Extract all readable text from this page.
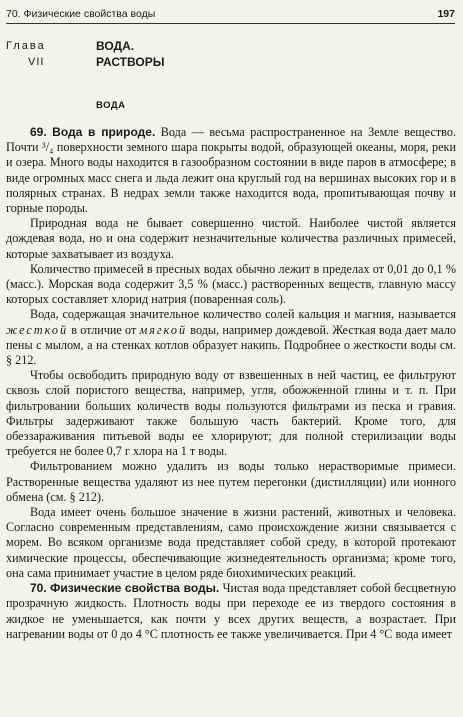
70. Физические свойства воды	197
Глава
VII
ВОДА.
РАСТВОРЫ
ВОДА

69. Вода в природе. Вода — весьма распространенное на Земле вещество. Почти ³/₄ поверхности земного шара покрыты водой, образующей океаны, моря, реки и озера. Много воды находится в газообразном состоянии в виде паров в атмосфере; в виде огромных масс снега и льда лежит она круглый год на вершинах высоких гор и в полярных странах. В недрах земли также находится вода, пропитывающая почву и горные породы.

Природная вода не бывает совершенно чистой. Наиболее чистой является дождевая вода, но и она содержит незначительные количества различных примесей, которые захватывает из воздуха.

Количество примесей в пресных водах обычно лежит в пределах от 0,01 до 0,1 % (масс.). Морская вода содержит 3,5 % (масс.) растворенных веществ, главную массу которых составляет хлорид натрия (поваренная соль).

Вода, содержащая значительное количество солей кальция и магния, называется жесткой в отличие от мягкой воды, например дождевой. Жесткая вода дает мало пены с мылом, а на стенках котлов образует накипь. Подробнее о жесткости воды см. § 212.

Чтобы освободить природную воду от взвешенных в ней частиц, ее фильтруют сквозь слой пористого вещества, например, угля, обожженной глины и т. п. При фильтровании больших количеств воды пользуются фильтрами из песка и гравия. Фильтры задерживают также большую часть бактерий. Кроме того, для обеззараживания питьевой воды ее хлорируют; для полной стерилизации воды требуется не более 0,7 г хлора на 1 т воды.

Фильтрованием можно удалить из воды только нерастворимые примеси. Растворенные вещества удаляют из нее путем перегонки (дистилляции) или ионного обмена (см. § 212).

Вода имеет очень большое значение в жизни растений, животных и человека. Согласно современным представлениям, само происхождение жизни связывается с морем. Во всяком организме вода представляет собой среду, в которой протекают химические процессы, обеспечивающие жизнедеятельность организма; кроме того, она сама принимает участие в целом ряде биохимических реакций.

70. Физические свойства воды. Чистая вода представляет собой бесцветную прозрачную жидкость. Плотность воды при переходе ее из твердого состояния в жидкое не уменьшается, как почти у всех других веществ, а возрастает. При нагревании воды от 0 до 4 °C плотность ее также увеличивается. При 4 °C вода имеет
